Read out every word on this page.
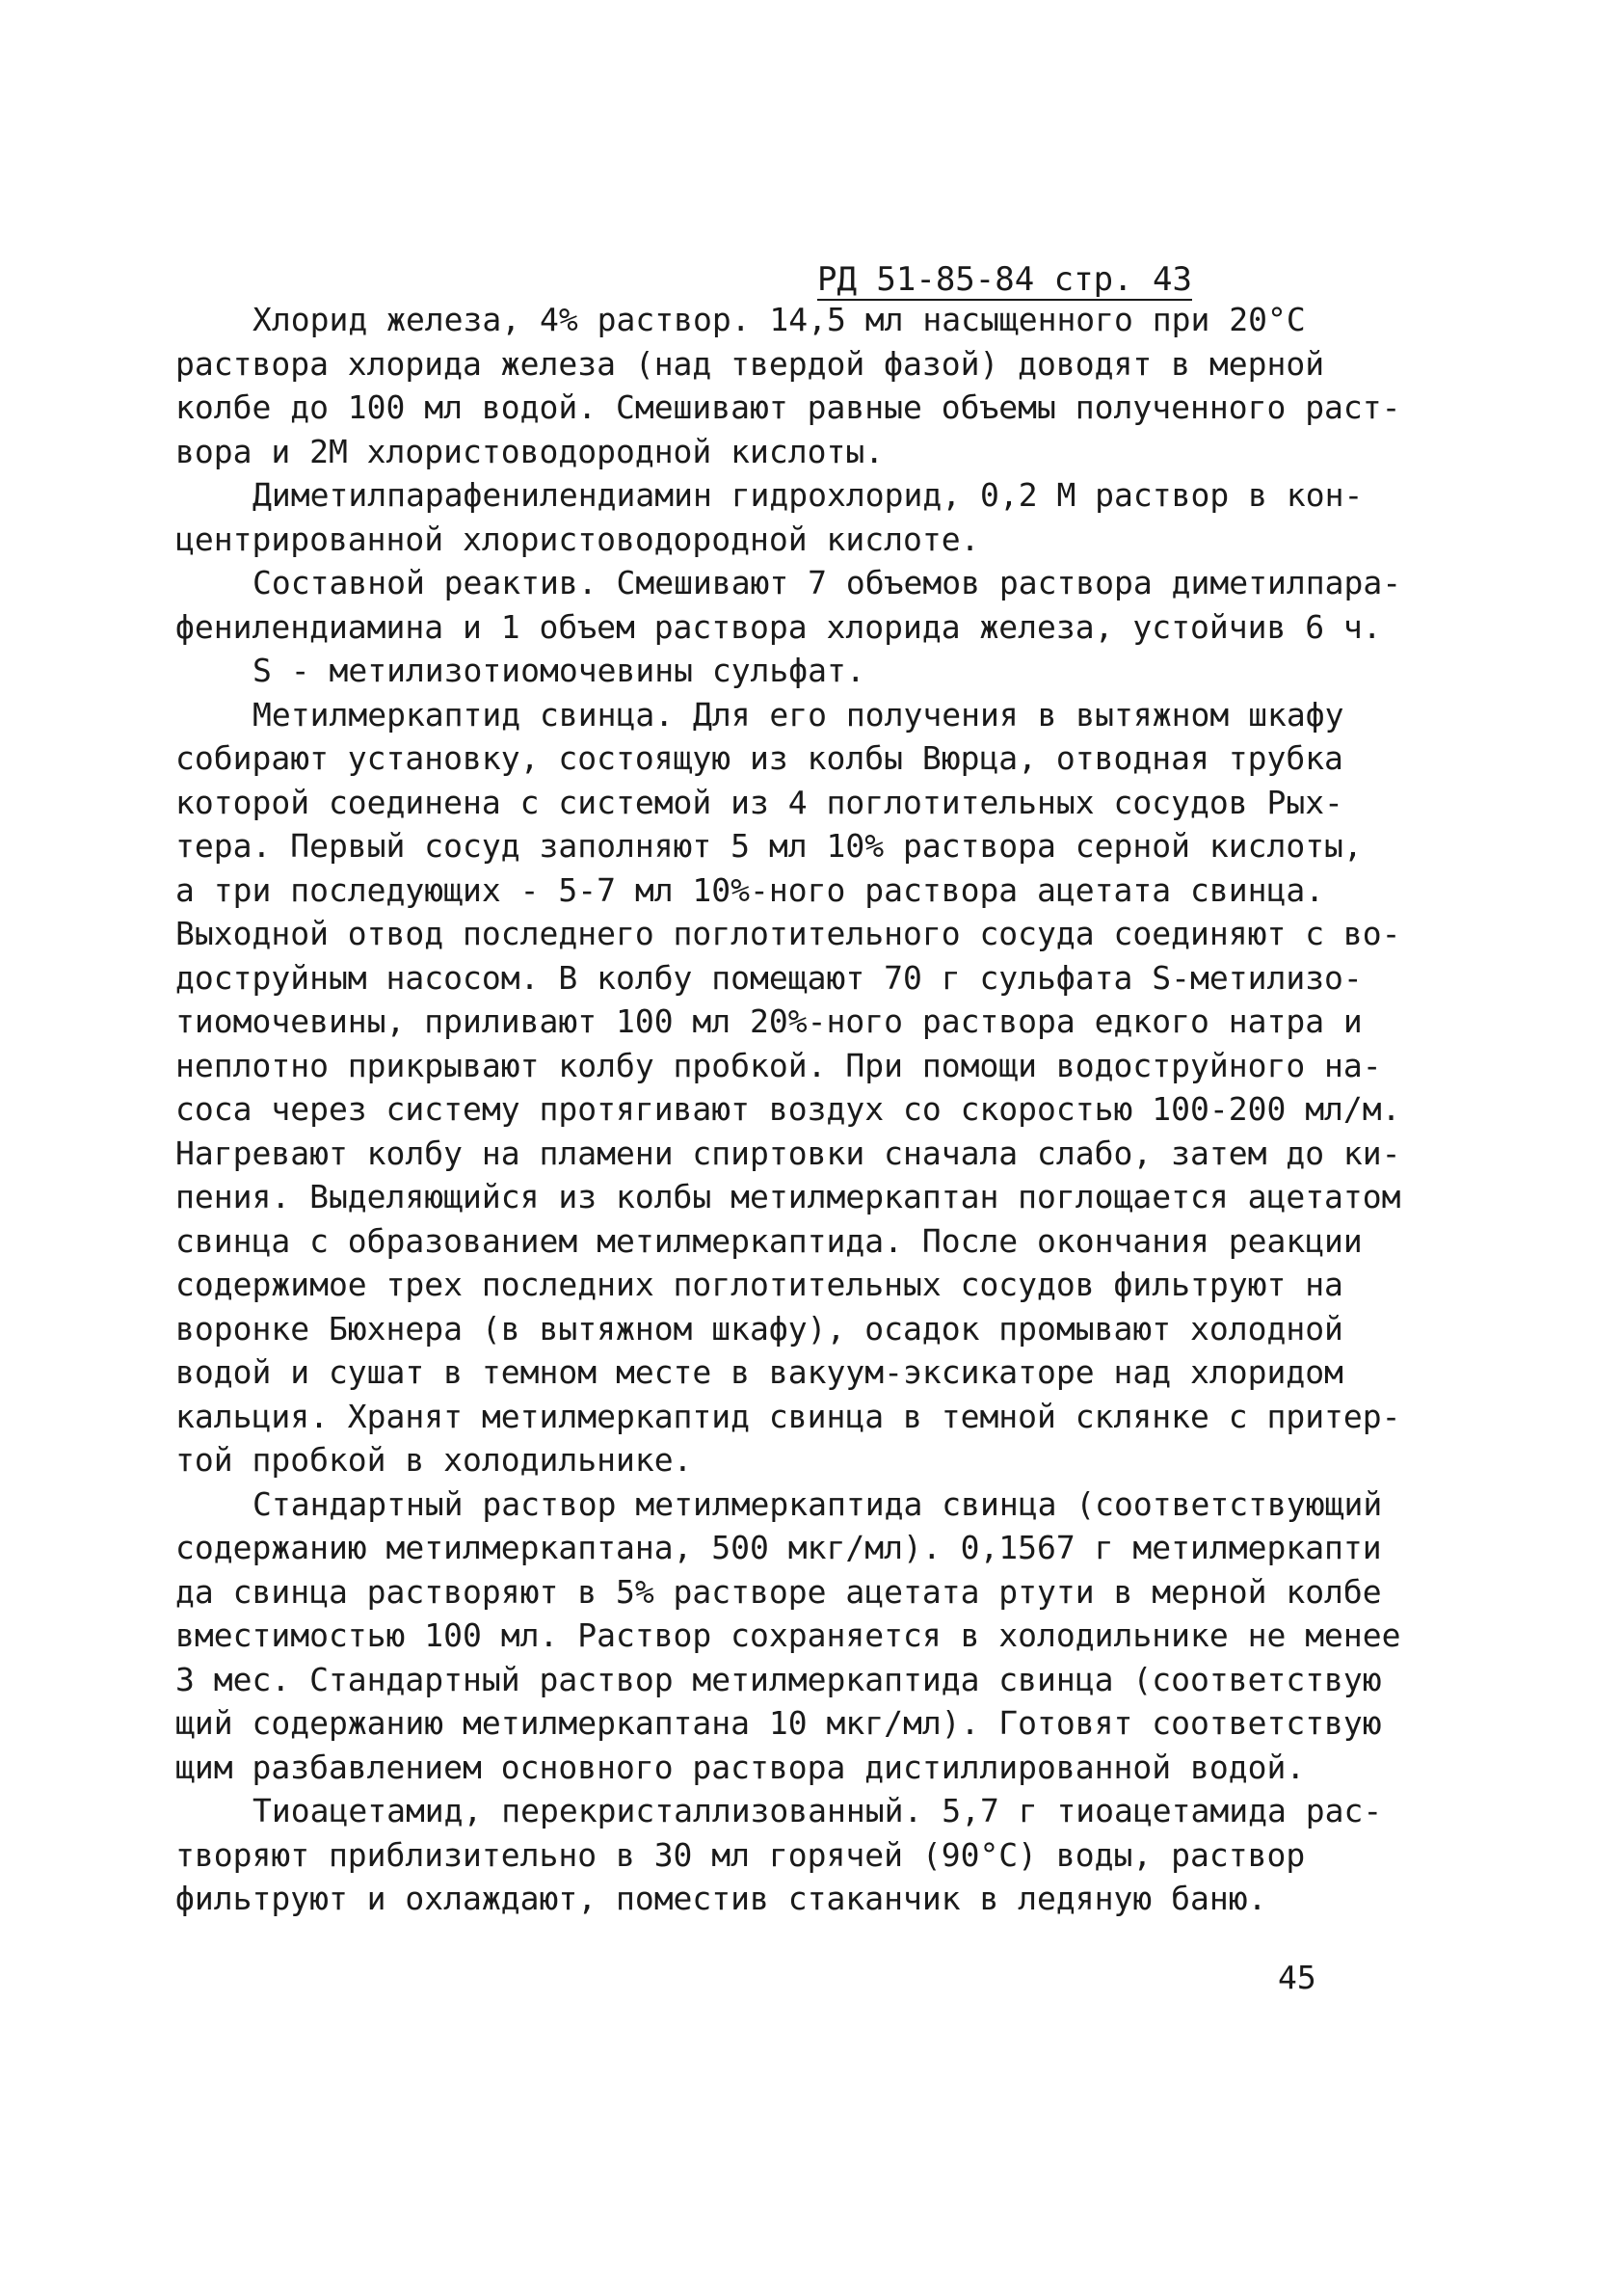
РД 51-85-84 стр. 43
Хлорид железа, 4% раствор. 14,5 мл насыщенного при 20°С
раствора хлорида железа (над твердой фазой) доводят в мерной
колбе до 100 мл водой. Смешивают равные объемы полученного раст-
вора и 2М хлористоводородной кислоты.
Диметилпарафенилендиамин гидрохлорид, 0,2 М раствор в кон-
центрированной хлористоводородной кислоте.
Составной реактив. Смешивают 7 объемов раствора диметилпара-
фенилендиамина и 1 объем раствора хлорида железа, устойчив 6 ч.
S - метилизотиомочевины сульфат.
Метилмеркаптид свинца. Для его получения в вытяжном шкафу
собирают установку, состоящую из колбы Вюрца, отводная трубка
которой соединена с системой из 4 поглотительных сосудов Рых-
тера. Первый сосуд заполняют 5 мл 10% раствора серной кислоты,
а три последующих - 5-7 мл 10%-ного раствора ацетата свинца.
Выходной отвод последнего поглотительного сосуда соединяют с во-
доструйным насосом. В колбу помещают 70 г сульфата S-метилизо-
тиомочевины, приливают 100 мл 20%-ного раствора едкого натра и
неплотно прикрывают колбу пробкой. При помощи водоструйного на-
соса через систему протягивают воздух со скоростью 100-200 мл/м.
Нагревают колбу на пламени спиртовки сначала слабо, затем до ки-
пения. Выделяющийся из колбы метилмеркаптан поглощается ацетатом
свинца с образованием метилмеркаптида. После окончания реакции
содержимое трех последних поглотительных сосудов фильтруют на
воронке Бюхнера (в вытяжном шкафу), осадок промывают холодной
водой и сушат в темном месте в вакуум-эксикаторе над хлоридом
кальция. Хранят метилмеркаптид свинца в темной склянке с притер-
той пробкой в холодильнике.
Стандартный раствор метилмеркаптида свинца (соответствующий
содержанию метилмеркаптана, 500 мкг/мл). 0,1567 г метилмеркапти
да свинца растворяют в 5% растворе ацетата ртути в мерной колбе
вместимостью 100 мл. Раствор сохраняется в холодильнике не менее
3 мес. Стандартный раствор метилмеркаптида свинца (соответствую
щий содержанию метилмеркаптана 10 мкг/мл). Готовят соответствую
щим разбавлением основного раствора дистиллированной водой.
Тиоацетамид, перекристаллизованный. 5,7 г тиоацетамида рас-
творяют приблизительно в 30 мл горячей (90°С) воды, раствор
фильтруют и охлаждают, поместив стаканчик в ледяную баню.
45
